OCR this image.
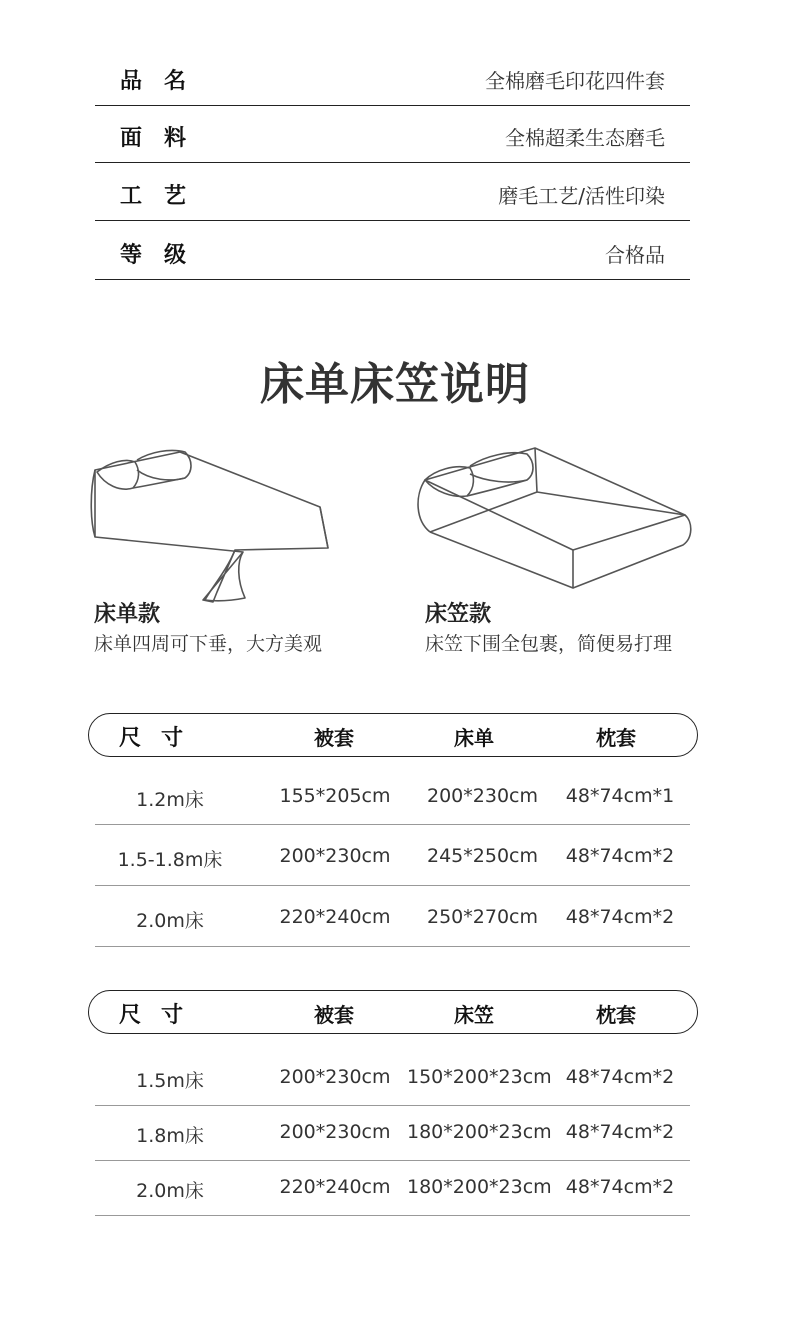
品名	全棉磨毛印花四件套
面料	全棉超柔生态磨毛
工艺	磨毛工艺/活性印染
等级	合格品
床单床笠说明
床单款
床单四周可下垂，大方美观
床笠款
床笠下围全包裹，简便易打理
尺寸	被套	床单	枕套
1.2m床	155*205cm	200*230cm	48*74cm*1
1.5-1.8m床	200*230cm	245*250cm	48*74cm*2
2.0m床	220*240cm	250*270cm	48*74cm*2
尺寸	被套	床笠	枕套
1.5m床	200*230cm 150*200*23cm 48*74cm*2
1.8m床	200*230cm 180*200*23cm 48*74cm*2
2.0m床	220*240cm 180*200*23cm 48*74cm*2
